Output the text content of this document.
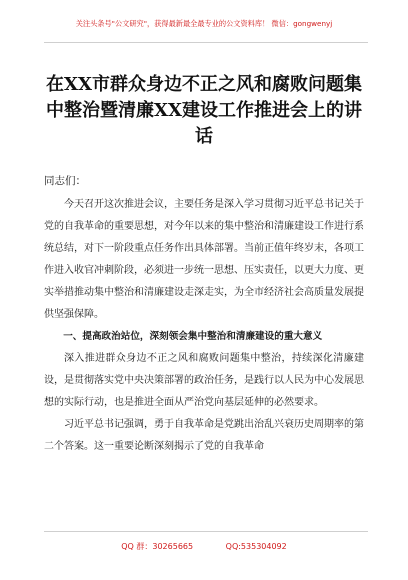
关注头条号"公文研究"，获得最新最全最专业的公文资料库！ 微信：gongwenyj
在XX市群众身边不正之风和腐败问题集中整治暨清廉XX建设工作推进会上的讲话
同志们：

今天召开这次推进会议，主要任务是深入学习贯彻习近平总书记关于党的自我革命的重要思想，对今年以来的集中整治和清廉建设工作进行系统总结，对下一阶段重点任务作出具体部署。当前正值年终岁末，各项工作进入收官冲刺阶段，必须进一步统一思想、压实责任，以更大力度、更实举措推动集中整治和清廉建设走深走实，为全市经济社会高质量发展提供坚强保障。

一、提高政治站位，深刻领会集中整治和清廉建设的重大意义

深入推进群众身边不正之风和腐败问题集中整治，持续深化清廉建设，是贯彻落实党中央决策部署的政治任务，是践行以人民为中心发展思想的实际行动，也是推进全面从严治党向基层延伸的必然要求。

习近平总书记强调，勇于自我革命是党跳出治乱兴衰历史周期率的第二个答案。这一重要论断深刻揭示了党的自我革命

QQ 群：30265665	QQ:535304092
